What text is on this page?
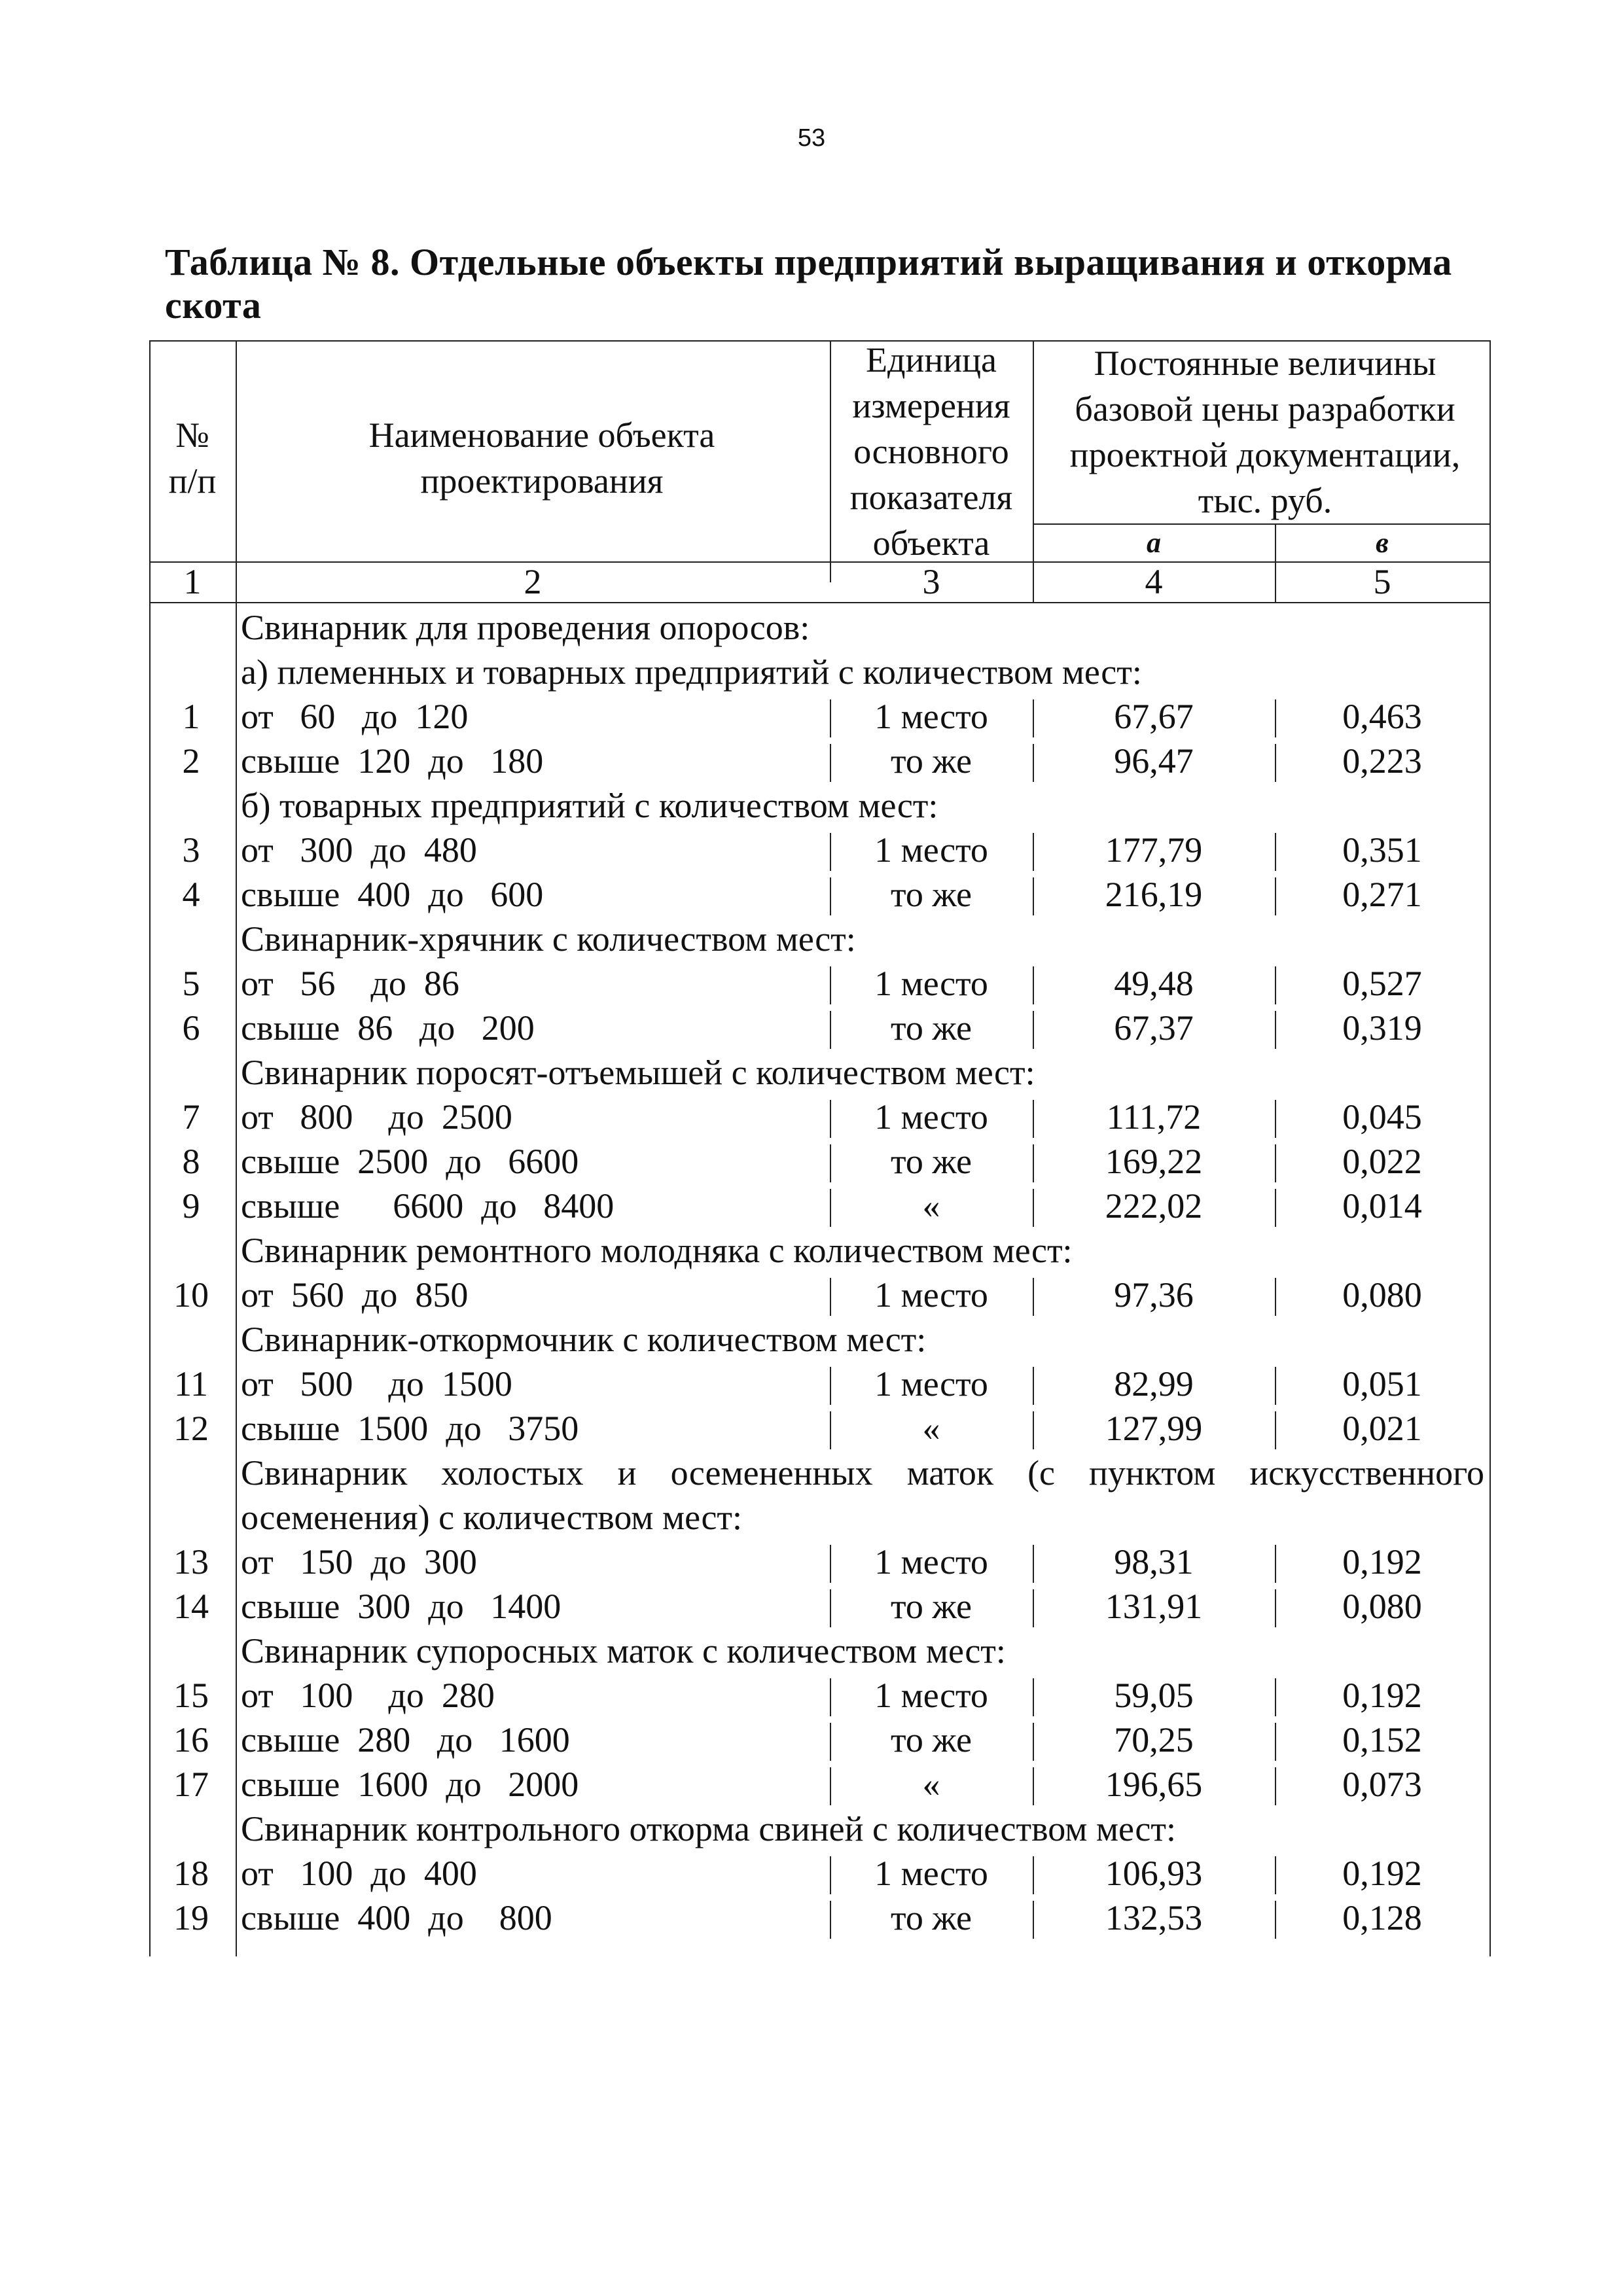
53
Таблица № 8. Отдельные объекты предприятий выращивания и откорма скота
№
п/п
Наименование объекта проектирования
Единица измерения основного показателя объекта
Постоянные величины базовой цены разработки проектной документации, тыс. руб.
а	в
1	2	3	4	5
Свинарник для проведения опоросов:
а) племенных и товарных предприятий с количеством мест:
1	от   60   до  120	1 место	67,67	0,463
2	свыше  120  до   180	то же	96,47	0,223
б) товарных предприятий с количеством мест:
3	от   300  до  480	1 место	177,79	0,351
4	свыше  400  до   600	то же	216,19	0,271
Свинарник-хрячник с количеством мест:
5	от   56    до  86	1 место	49,48	0,527
6	свыше  86   до   200	то же	67,37	0,319
Свинарник поросят-отъемышей с количеством мест:
7	от   800    до  2500	1 место	111,72	0,045
8	свыше  2500  до   6600	то же	169,22	0,022
9	свыше      6600  до   8400	«	222,02	0,014
Свинарник ремонтного молодняка с количеством мест:
10 от  560  до  850	1 место	97,36	0,080
Свинарник-откормочник с количеством мест:
11 от   500    до  1500	1 место	82,99	0,051
12 свыше  1500  до   3750	«	127,99	0,021
Свинарник холостых и осемененных маток (с пунктом искусственного
осеменения) с количеством мест:
13 от   150  до  300	1 место	98,31	0,192
14 свыше  300  до   1400	то же	131,91	0,080
Свинарник супоросных маток с количеством мест:
15 от   100    до  280	1 место	59,05	0,192
16 свыше  280   до   1600	то же	70,25	0,152
17 свыше  1600  до   2000	«	196,65	0,073
Свинарник контрольного откорма свиней с количеством мест:
18 от   100  до  400	1 место	106,93	0,192
19 свыше  400  до    800	то же	132,53	0,128
